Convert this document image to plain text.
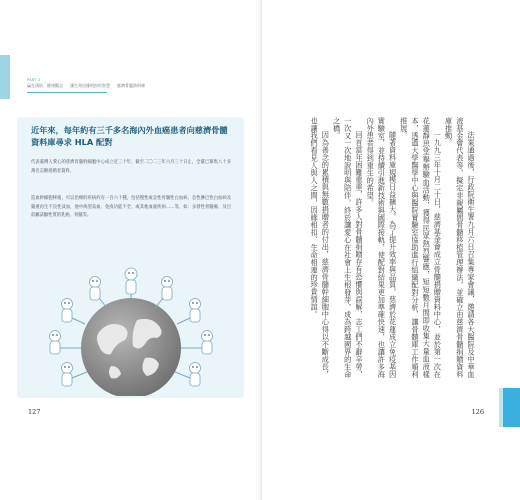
PART 2
贏在預防．健康觀念 讓生命因緣相扣的智慧 慈濟骨髓資料庫
近年來，每年約有三千多名海內外血癌患者向慈濟骨髓資料庫尋求 HLA 配對
代表臺灣人愛心的慈濟骨髓幹細胞中心成立近三十年，截至二〇二三年六月三十日止，全臺已募集八十多萬名志願捐贈者資料。
造血幹細胞移植，可以治療的疾病約有一百六十種，包括慢性或急性骨髓性白血病、急性淋巴性白血病及嚴重再生不良性貧血，他中海型貧血、免疫功能不全、或其他血液疾病……等，如：多發性骨髓瘤、及目前屬試驗性質的乳癌、骨髓等。
127

法案通過後，行政院衛生署九月六日召集專家會議，邀請各大醫院及中華血液基金會代表等，擬定非親屬間骨髓移植管理辦法，並確立由慈濟骨髓捐贈資料庫推動。

一九九三年十月二十日，慈濟基金會成立骨髓捐贈資料中心，並於第一次在花蓮靜思堂舉辦驗血活動，獲得民眾熱烈響應，短短數月間即收集大量血液樣本，透過大學醫學中心與醫院實驗室協助進行組織配對分析，讓骨髓庫工作順利推展。

隨著資料庫規模日益擴大，為了提升效率與品質，慈濟於花蓮成立免疫基因實驗室，並持續引進新技術與國際接軌，使配對結果更加準確快速，也讓許多海內外患者得到重生的希望。

回首當年困難重重，許多人對骨髓捐贈存有恐懼與誤解，志工們不辭辛勞，一次又一次地說明與陪伴，終於讓愛心在社會上生根發芽，成為跨越國界的生命之橋。

因為善念的累積與無數捐贈者的付出，慈濟骨髓幹細胞中心得以不斷成長，也讓我們看見人與人之間，因緣相扣、生命相連的珍貴情誼。

126
